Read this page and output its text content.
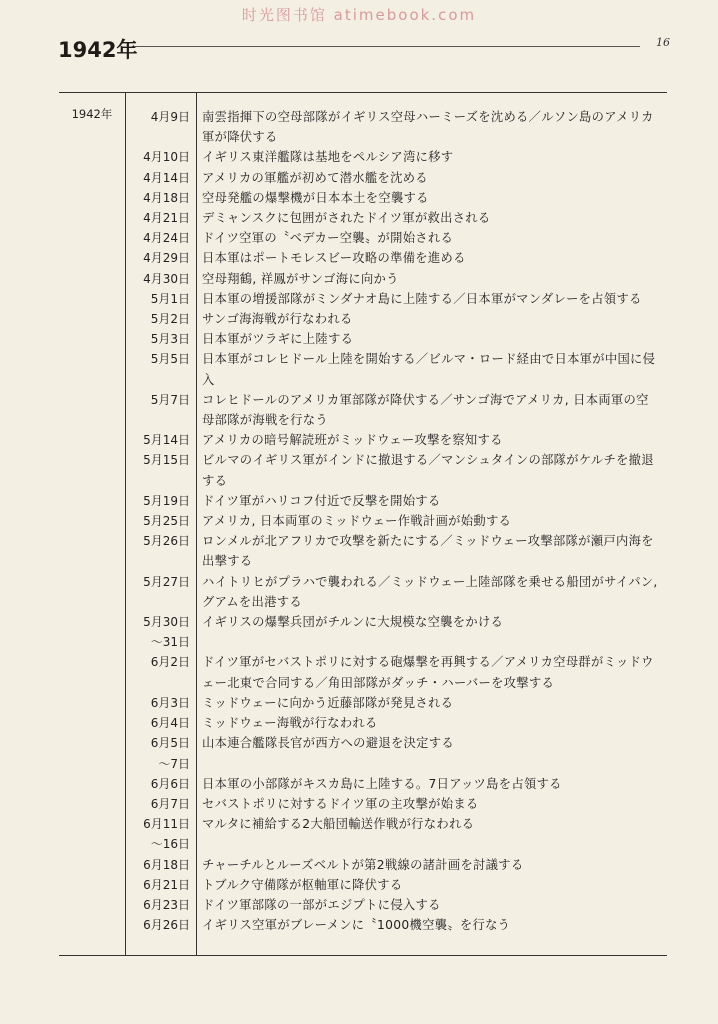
时光图书馆 atimebook.com
1942年	16
1942年	4月9日 南雲指揮下の空母部隊がイギリス空母ハーミーズを沈める／ルソン島のアメリカ軍が降伏する
4月10日 イギリス東洋艦隊は基地をペルシア湾に移す
4月14日 アメリカの軍艦が初めて潜水艦を沈める
4月18日 空母発艦の爆撃機が日本本土を空襲する
4月21日 デミャンスクに包囲がされたドイツ軍が救出される
4月24日 ドイツ空軍の〝ベデカー空襲〟が開始される
4月29日 日本軍はポートモレスビー攻略の準備を進める
4月30日 空母翔鶴, 祥鳳がサンゴ海に向かう
5月1日 日本軍の増援部隊がミンダナオ島に上陸する／日本軍がマンダレーを占領する
5月2日 サンゴ海海戦が行なわれる
5月3日 日本軍がツラギに上陸する
5月5日 日本軍がコレヒドール上陸を開始する／ビルマ・ロード経由で日本軍が中国に侵入
5月7日 コレヒドールのアメリカ軍部隊が降伏する／サンゴ海でアメリカ, 日本両軍の空母部隊が海戦を行なう
5月14日 アメリカの暗号解読班がミッドウェー攻撃を察知する
5月15日 ビルマのイギリス軍がインドに撤退する／マンシュタインの部隊がケルチを撤退する
5月19日 ドイツ軍がハリコフ付近で反撃を開始する
5月25日 アメリカ, 日本両軍のミッドウェー作戦計画が始動する
5月26日 ロンメルが北アフリカで攻撃を新たにする／ミッドウェー攻撃部隊が瀬戸内海を出撃する
5月27日 ハイトリヒがプラハで襲われる／ミッドウェー上陸部隊を乗せる船団がサイパン, グアムを出港する
5月30日
～31日
イギリスの爆撃兵団がチルンに大規模な空襲をかける
6月2日 ドイツ軍がセバストポリに対する砲爆撃を再興する／アメリカ空母群がミッドウェー北東で合同する／角田部隊がダッチ・ハーバーを攻撃する
6月3日 ミッドウェーに向かう近藤部隊が発見される
6月4日 ミッドウェー海戦が行なわれる
6月5日
～7日
山本連合艦隊長官が西方への避退を決定する
6月6日 日本軍の小部隊がキスカ島に上陸する。7日アッツ島を占領する
6月7日 セバストポリに対するドイツ軍の主攻撃が始まる
6月11日
～16日
マルタに補給する2大船団輸送作戦が行なわれる
6月18日 チャーチルとルーズベルトが第2戦線の諸計画を討議する
6月21日 トブルク守備隊が枢軸軍に降伏する
6月23日 ドイツ軍部隊の一部がエジプトに侵入する
6月26日 イギリス空軍がブレーメンに〝1000機空襲〟を行なう
